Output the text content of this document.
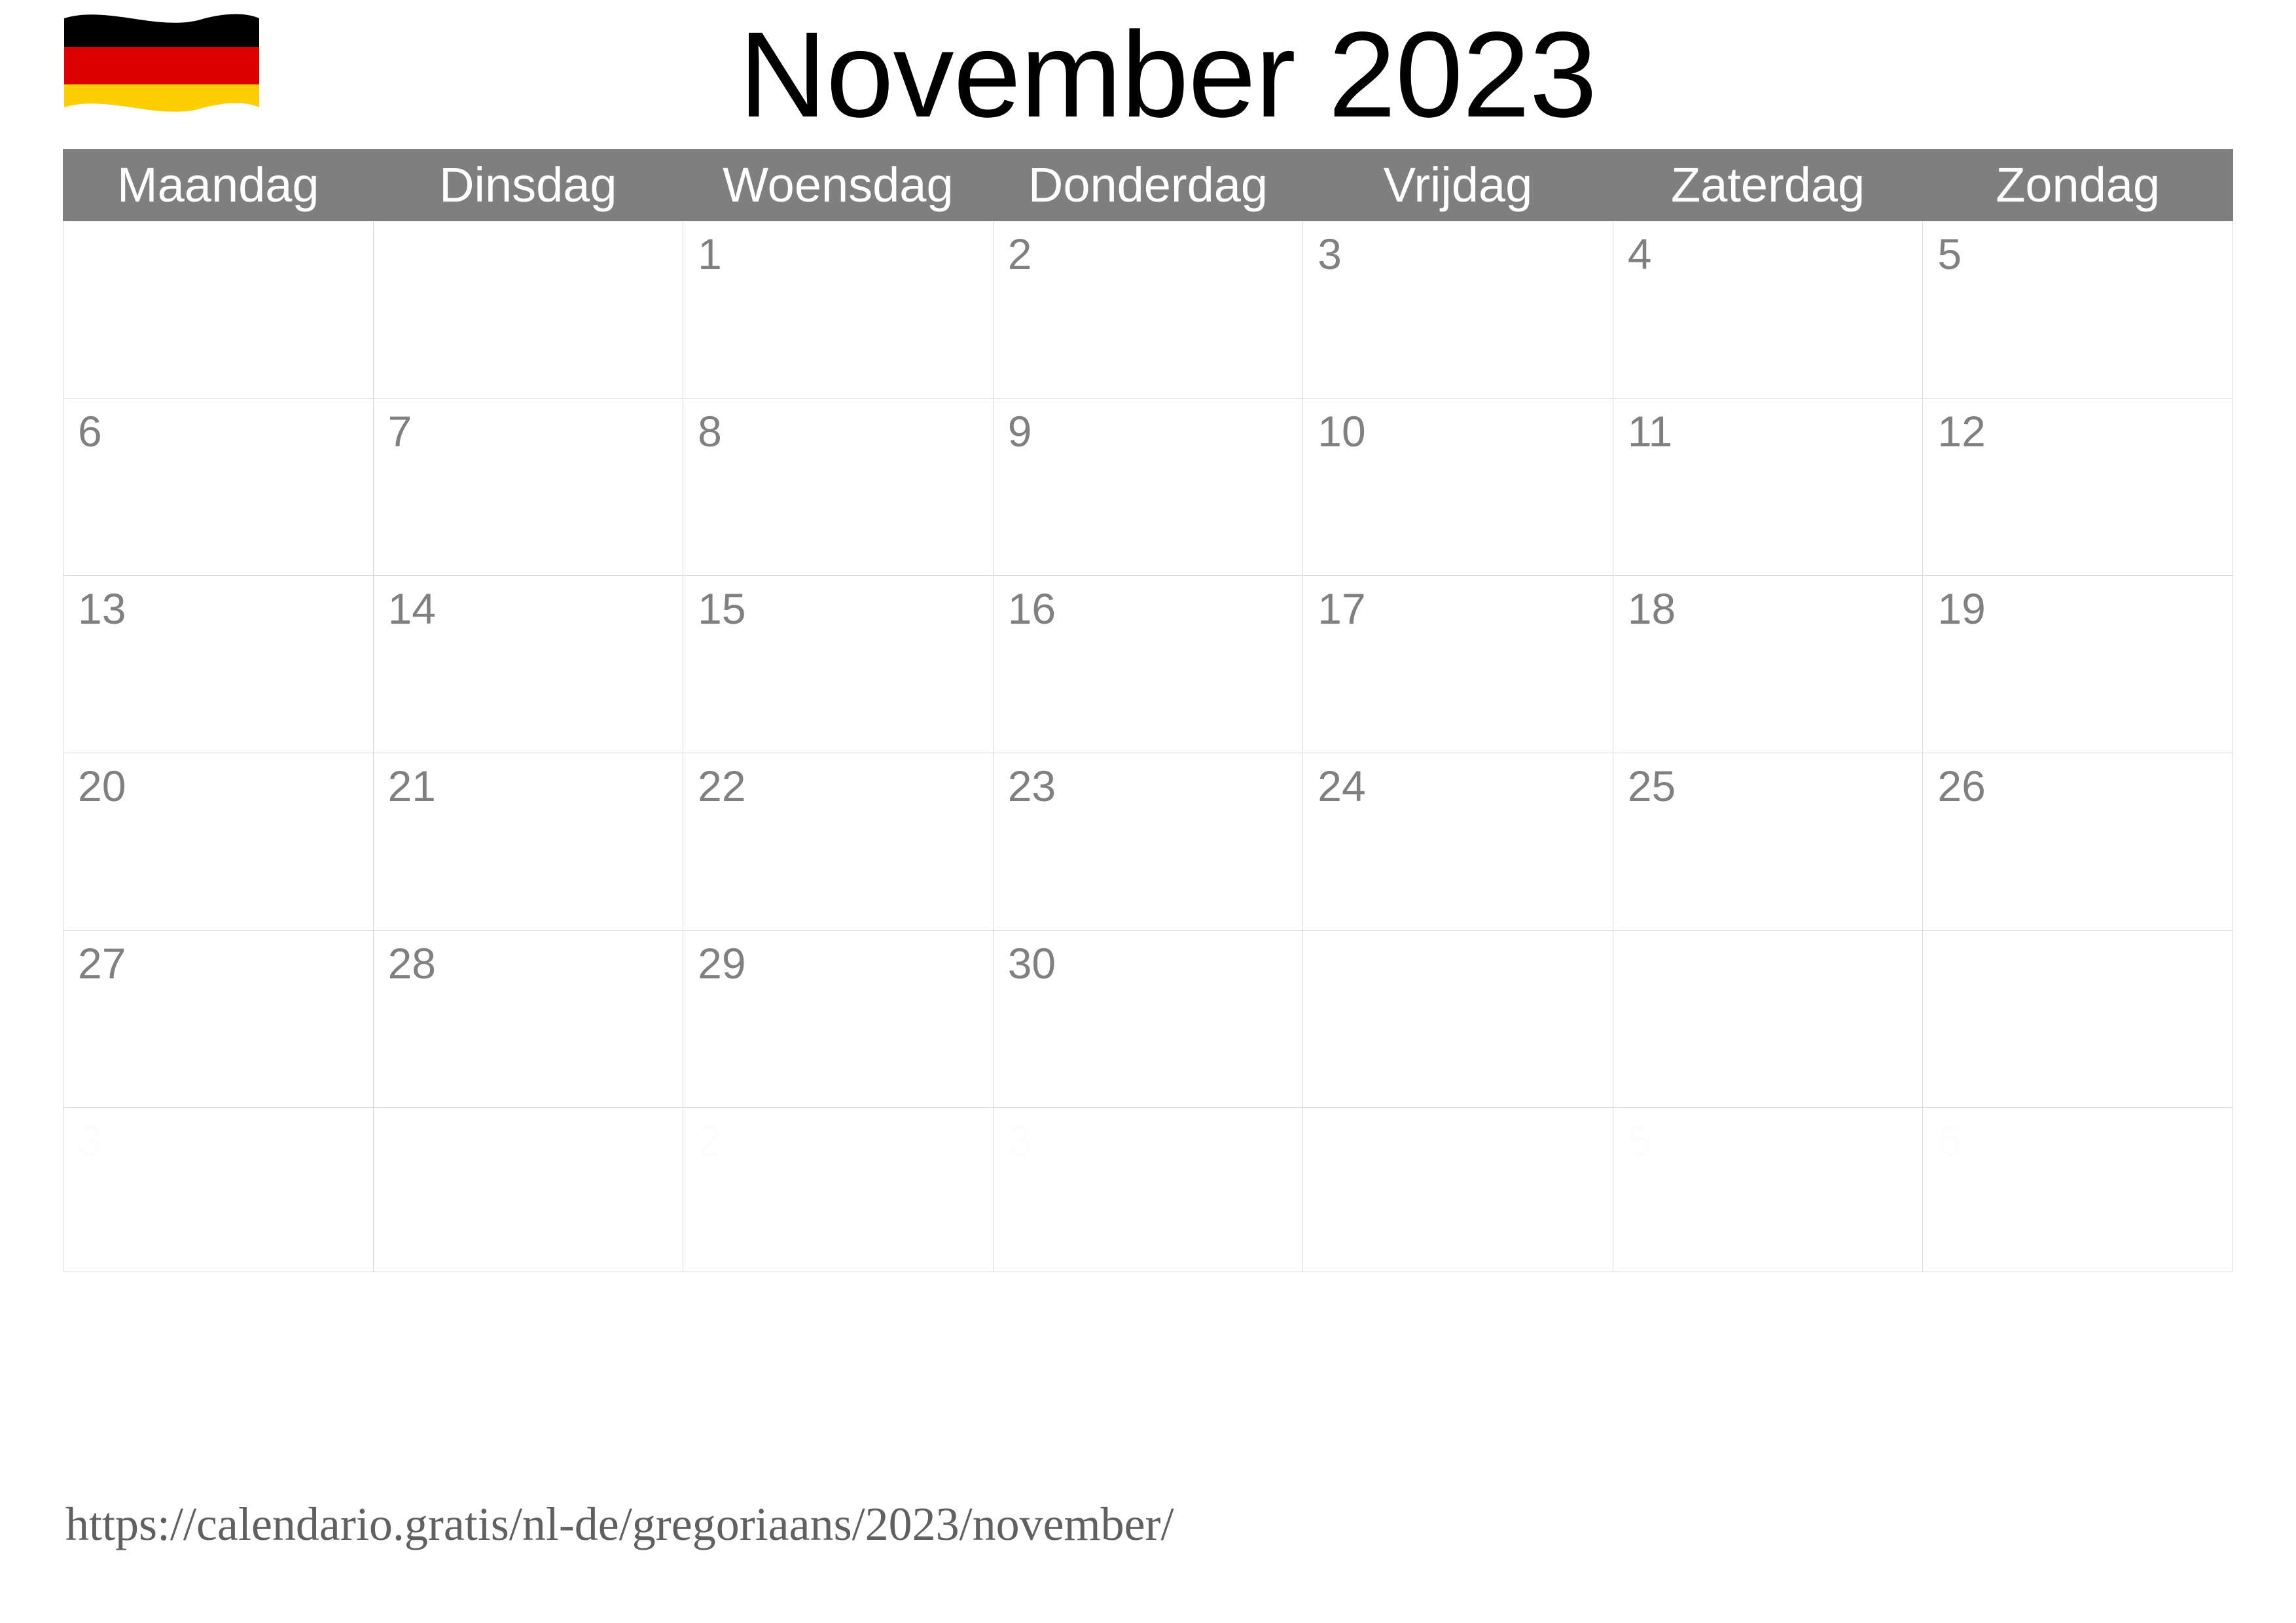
November 2023
Maandag	Dinsdag	Woensdag	Donderdag	Vrijdag	Zaterdag	Zondag

		1	2	3	4	5

6	7	8	9	10	11	12

13	14	15	16	17	18	19

20	21	22	23	24	25	26

27	28	29	30			

3		2	3		5	6
https://calendario.gratis/nl-de/gregoriaans/2023/november/
